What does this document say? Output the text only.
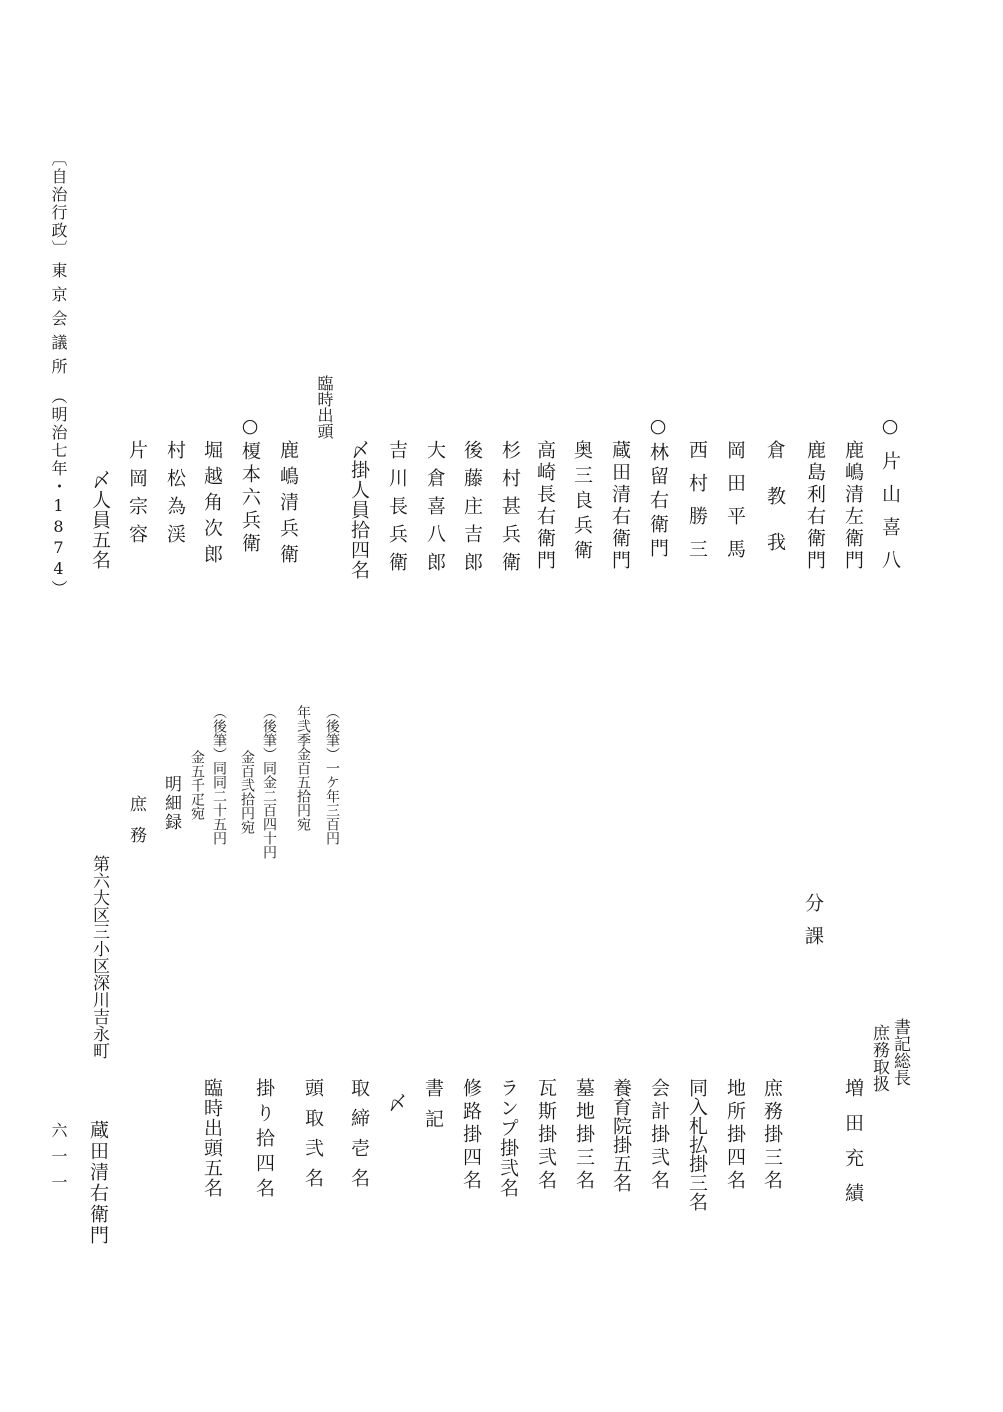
〔自治行政〕
東京会議所
（明治七年・1874）	○片山喜八
鹿嶋清左衛門
鹿島利右衛門
倉　教　我
岡田平馬
西村勝三
○林留右衛門
蔵田清右衛門
奥三良兵衛
高崎長右衛門
杉村甚兵衛
後藤庄吉郎
大倉喜八郎
吉川長兵衛
〆掛人員拾四名
臨時出頭
鹿嶋清兵衛
○榎本六兵衛
堀越角次郎
村松為渓
片岡宗容
〆人員五名
分課
書記総長
庶務取扱
増田充績
庶務掛三名
地所掛四名
同入札払掛三名
会計掛弐名
養育院掛五名
墓地掛三名
瓦斯掛弐名
ランプ掛弐名
修路掛四名
書記
〆
取締壱名
頭取弐名
掛り拾四名
臨時出頭五名
（後筆）一ケ年三百円
年弐季金百五拾円宛
（後筆）同金二百四十円
金百弐拾円宛
（後筆）同同二十五円
金五千疋宛
明細録
庶務
第六大区三小区深川吉永町
蔵田清右衛門
六一一
